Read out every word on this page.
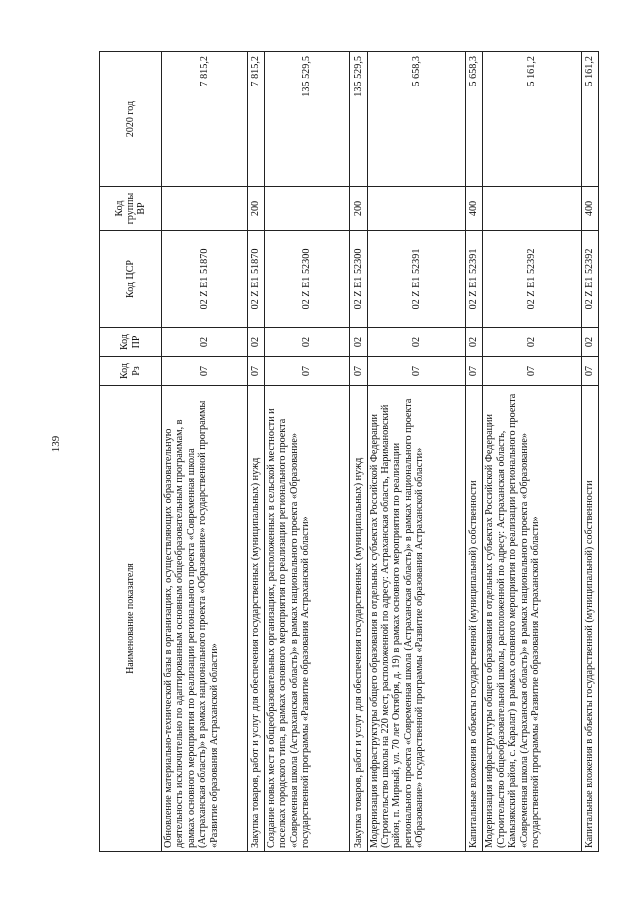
139
Наименование показателя	Код Рз	Код ПР	Код ЦСР	Код группы ВР	2020 год
Обновление материально-технической базы в организациях, осуществляющих образовательную деятельность исключительно по адаптированным основным общеобразовательным программам, в рамках основного мероприятия по реализации регионального проекта «Современная школа (Астраханская область)» в рамках национального проекта «Образование» государственной программы «Развитие образования Астраханской области»	07	02	02 Z E1 51870		7 815,2
Закупка товаров, работ и услуг для обеспечения государственных (муниципальных) нужд	07	02	02 Z E1 51870	200	7 815,2
Создание новых мест в общеобразовательных организациях, расположенных в сельской местности и поселках городского типа, в рамках основного мероприятия по реализации регионального проекта «Современная школа (Астраханская область)» в рамках национального проекта «Образование» государственной программы «Развитие образования Астраханской области»	07	02	02 Z E1 52300		135 529,5
Закупка товаров, работ и услуг для обеспечения государственных (муниципальных) нужд	07	02	02 Z E1 52300	200	135 529,5
Модернизация инфраструктуры общего образования в отдельных субъектах Российской Федерации (Строительство школы на 220 мест, расположенной по адресу: Астраханская область, Наримановский район, п. Мирный, ул. 70 лет Октября, д. 19) в рамках основного мероприятия по реализации регионального проекта «Современная школа (Астраханская область)» в рамках национального проекта «Образование» государственной программы «Развитие образования Астраханской области»	07	02	02 Z E1 52391		5 658,3
Капитальные вложения в объекты государственной (муниципальной) собственности	07	02	02 Z E1 52391	400	5 658,3
Модернизация инфраструктуры общего образования в отдельных субъектах Российской Федерации (Строительство общеобразовательной школы, расположенной по адресу: Астраханская область, Камызякский район, с. Каралат) в рамках основного мероприятия по реализации регионального проекта «Современная школа (Астраханская область)» в рамках национального проекта «Образование» государственной программы «Развитие образования Астраханской области»	07	02	02 Z E1 52392		5 161,2
Капитальные вложения в объекты государственной (муниципальной) собственности	07	02	02 Z E1 52392	400	5 161,2
